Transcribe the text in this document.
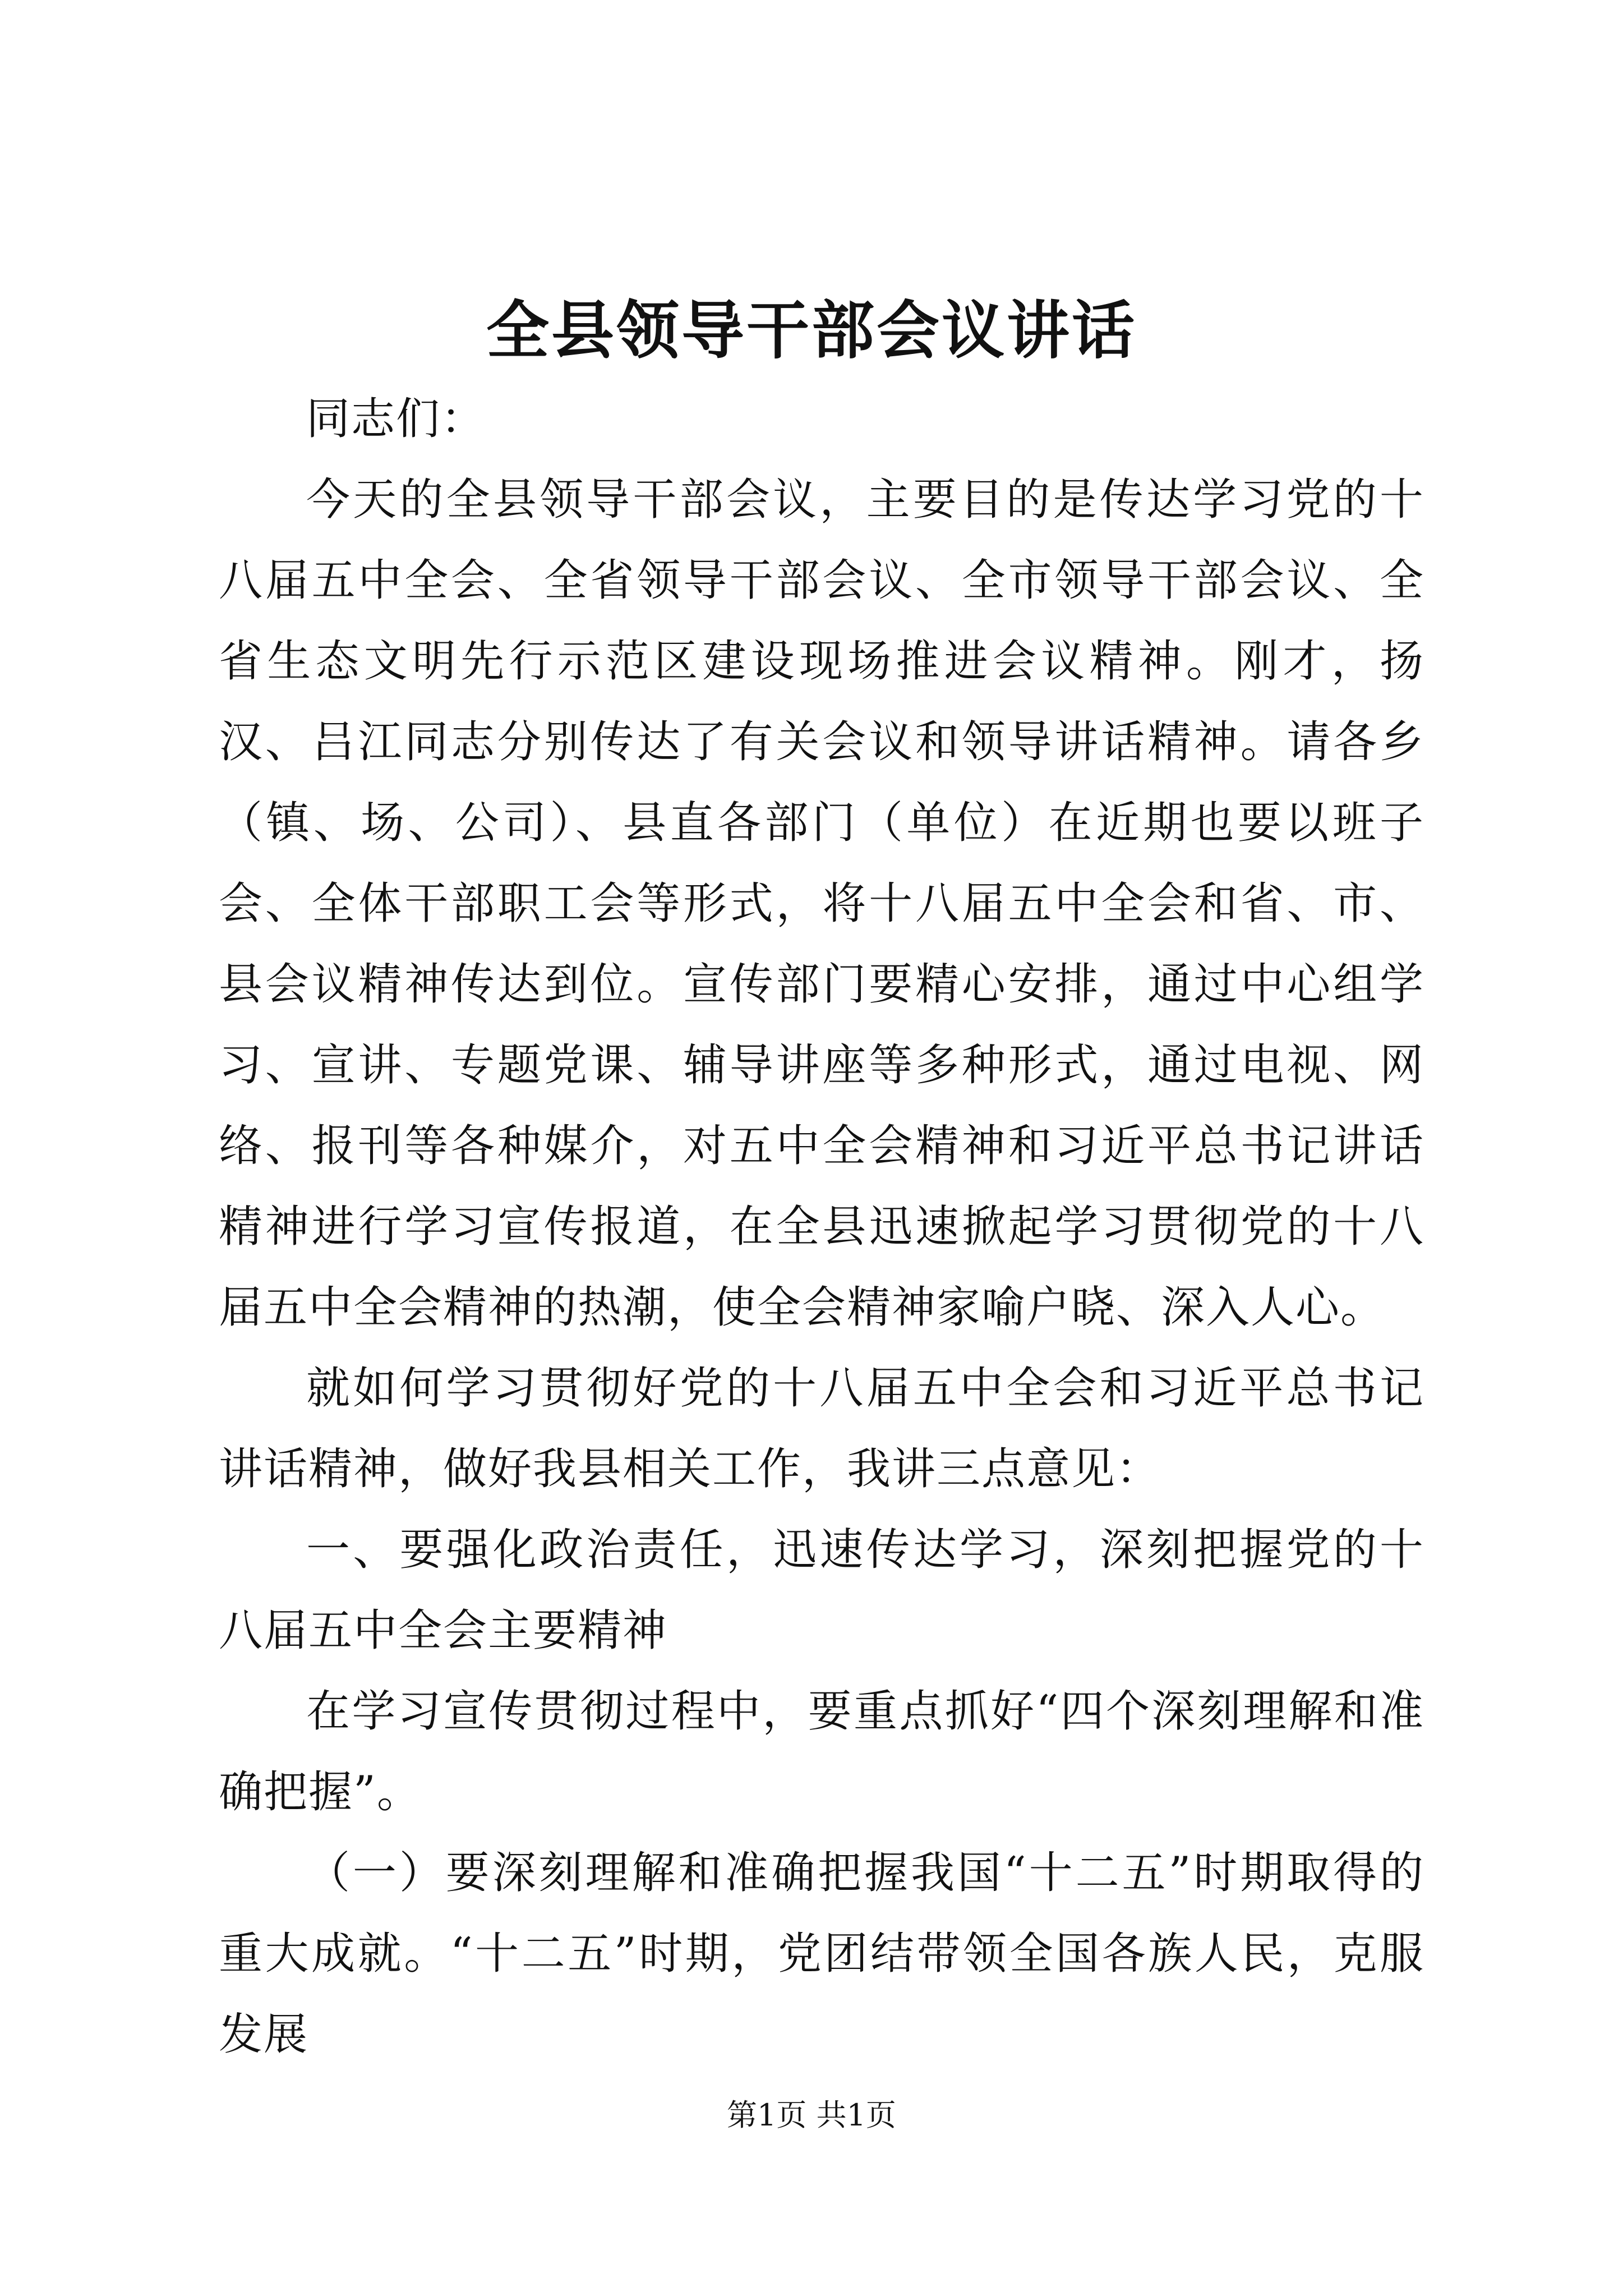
全县领导干部会议讲话

同志们：

今天的全县领导干部会议，主要目的是传达学习党的十八届五中全会、全省领导干部会议、全市领导干部会议、全省生态文明先行示范区建设现场推进会议精神。刚才，扬汉、吕江同志分别传达了有关会议和领导讲话精神。请各乡（镇、场、公司）、县直各部门（单位）在近期也要以班子会、全体干部职工会等形式，将十八届五中全会和省、市、县会议精神传达到位。宣传部门要精心安排，通过中心组学习、宣讲、专题党课、辅导讲座等多种形式，通过电视、网络、报刊等各种媒介，对五中全会精神和习近平总书记讲话精神进行学习宣传报道，在全县迅速掀起学习贯彻党的十八届五中全会精神的热潮，使全会精神家喻户晓、深入人心。

就如何学习贯彻好党的十八届五中全会和习近平总书记讲话精神，做好我县相关工作，我讲三点意见：

一、要强化政治责任，迅速传达学习，深刻把握党的十八届五中全会主要精神

在学习宣传贯彻过程中，要重点抓好“四个深刻理解和准确把握”。

（一）要深刻理解和准确把握我国“十二五”时期取得的重大成就。“十二五”时期，党团结带领全国各族人民，克服发展

第1页 共1页
